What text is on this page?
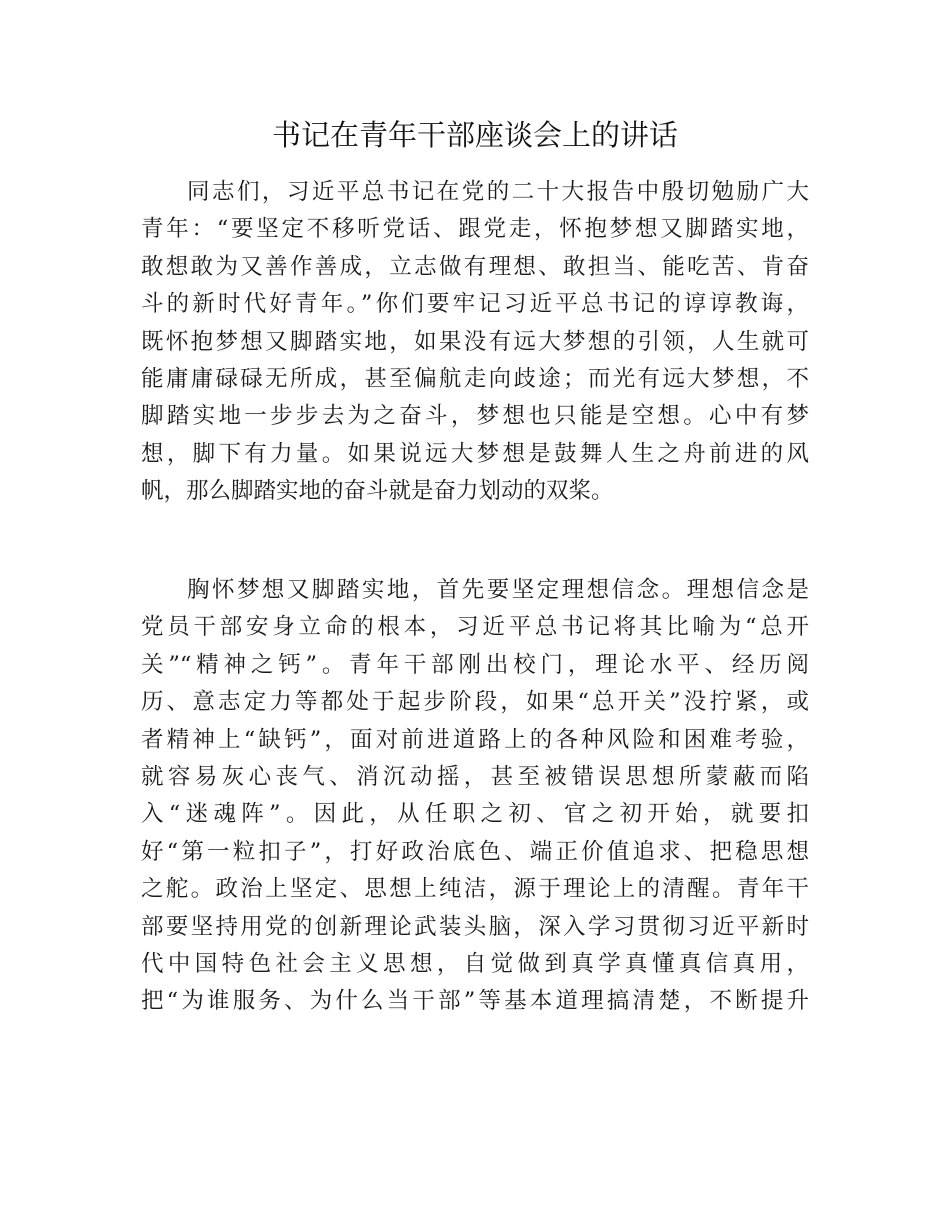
书记在青年干部座谈会上的讲话
同志们，习近平总书记在党的二十大报告中殷切勉励广大
青年：“要坚定不移听党话、跟党走，怀抱梦想又脚踏实地，
敢想敢为又善作善成，立志做有理想、敢担当、能吃苦、肯奋
斗的新时代好青年。”你们要牢记习近平总书记的谆谆教诲，
既怀抱梦想又脚踏实地，如果没有远大梦想的引领，人生就可
能庸庸碌碌无所成，甚至偏航走向歧途；而光有远大梦想，不
脚踏实地一步步去为之奋斗，梦想也只能是空想。心中有梦
想，脚下有力量。如果说远大梦想是鼓舞人生之舟前进的风
帆，那么脚踏实地的奋斗就是奋力划动的双桨。
胸怀梦想又脚踏实地，首先要坚定理想信念。理想信念是
党员干部安身立命的根本，习近平总书记将其比喻为“总开
关”“精神之钙”。青年干部刚出校门，理论水平、经历阅
历、意志定力等都处于起步阶段，如果“总开关”没拧紧，或
者精神上“缺钙”，面对前进道路上的各种风险和困难考验，
就容易灰心丧气、消沉动摇，甚至被错误思想所蒙蔽而陷
入“迷魂阵”。因此，从任职之初、官之初开始，就要扣
好“第一粒扣子”，打好政治底色、端正价值追求、把稳思想
之舵。政治上坚定、思想上纯洁，源于理论上的清醒。青年干
部要坚持用党的创新理论武装头脑，深入学习贯彻习近平新时
代中国特色社会主义思想，自觉做到真学真懂真信真用，
把“为谁服务、为什么当干部”等基本道理搞清楚，不断提升
